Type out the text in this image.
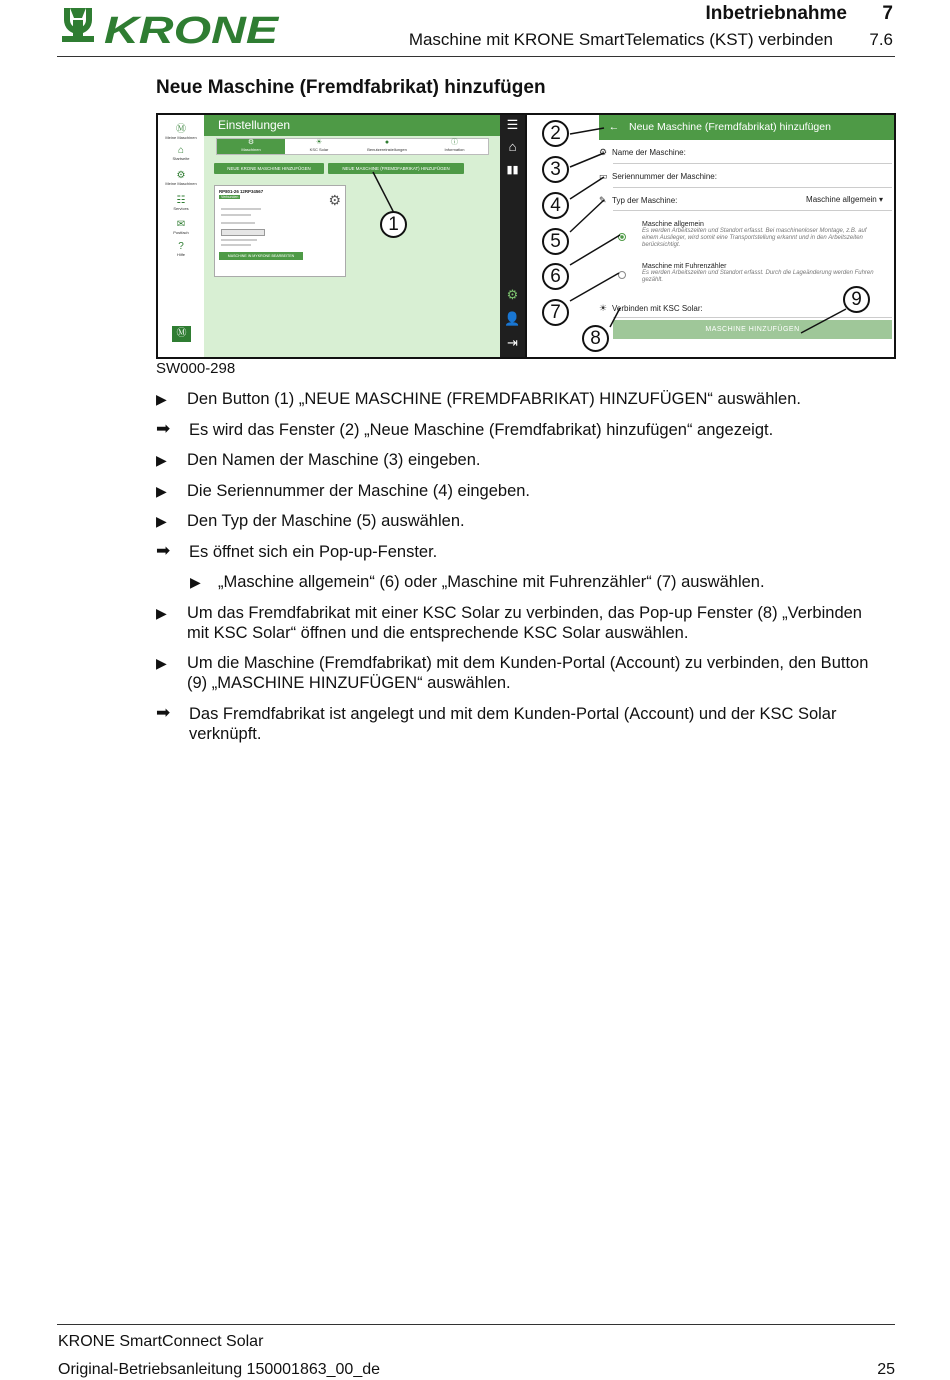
KRONE	Inbetriebnahme 7
Maschine mit KRONE SmartTelematics (KST) verbinden 7.6
Neue Maschine (Fremdfabrikat) hinzufügen
Ⓜ
Meine Maschinen
⌂
Startseite
⚙
Meine Maschinen
☷
Services
✉
Postfach
?
Hilfe
Ⓜ
Einstellungen
⚙
Maschinen
☀
KSC Solar
●
Benutzereinstellungen
ⓘ
Information
NEUE KRONE MASCHINE HINZUFÜGEN	NEUE MASCHINE (FREMDFABRIKAT) HINZUFÜGEN
RP801-26 12RP34567
Verbunden	⚙
MASCHINE IN MYKRONE BEARBEITEN
☰
⌂
▮▮
⚙
👤
⇥
← Neue Maschine (Fremdfabrikat) hinzufügen
⚙ Name der Maschine:
▭ Seriennummer der Maschine:
✎ Typ der Maschine:	Maschine allgemein ▾
Maschine allgemein
Es werden Arbeitszeiten und Standort erfasst. Bei maschinenloser Montage, z.B. auf einem Auslieger, wird somit eine Transportstellung erkannt und in den Arbeitszeiten berücksichtigt.
Maschine mit Fuhrenzähler
Es werden Arbeitszeiten und Standort erfasst. Durch die Lageänderung werden Fuhren gezählt.
☀ Verbinden mit KSC Solar:
MASCHINE HINZUFÜGEN
1
2
3
4
5
6
7
8
9
SW000-298
▶ Den Button (1) „NEUE MASCHINE (FREMDFABRIKAT) HINZUFÜGEN“ auswählen.
➡ Es wird das Fenster (2) „Neue Maschine (Fremdfabrikat) hinzufügen“ angezeigt.
▶ Den Namen der Maschine (3) eingeben.
▶ Die Seriennummer der Maschine (4) eingeben.
▶ Den Typ der Maschine (5) auswählen.
➡ Es öffnet sich ein Pop-up-Fenster.
▶ „Maschine allgemein“ (6) oder „Maschine mit Fuhrenzähler“ (7) auswählen.
▶ Um das Fremdfabrikat mit einer KSC Solar zu verbinden, das Pop-up Fenster (8) „Verbinden mit KSC Solar“ öffnen und die entsprechende KSC Solar auswählen.
▶ Um die Maschine (Fremdfabrikat) mit dem Kunden-Portal (Account) zu verbinden, den Button (9) „MASCHINE HINZUFÜGEN“ auswählen.
➡ Das Fremdfabrikat ist angelegt und mit dem Kunden-Portal (Account) und der KSC Solar verknüpft.
KRONE SmartConnect Solar
Original-Betriebsanleitung 150001863_00_de	25
